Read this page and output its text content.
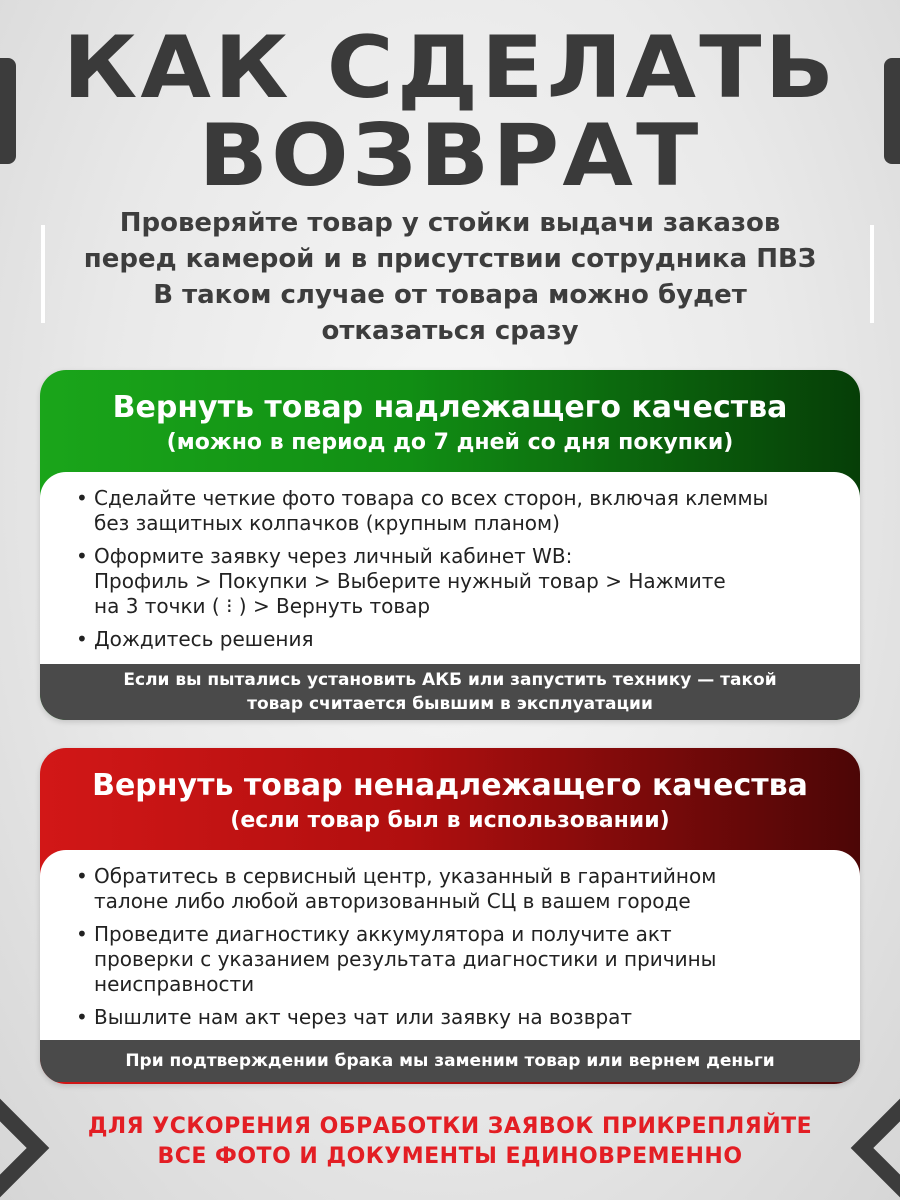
КАК СДЕЛАТЬ
ВОЗВРАТ
Проверяйте товар у стойки выдачи заказов
перед камерой и в присутствии сотрудника ПВЗ
В таком случае от товара можно будет
отказаться сразу
Вернуть товар надлежащего качества
(можно в период до 7 дней со дня покупки)
• Сделайте четкие фото товара со всех сторон, включая клеммы
без защитных колпачков (крупным планом)
• Оформите заявку через личный кабинет WB:
Профиль > Покупки > Выберите нужный товар > Нажмите
на 3 точки ( ⁝ ) > Вернуть товар
• Дождитесь решения
Если вы пытались установить АКБ или запустить технику — такой
товар считается бывшим в эксплуатации
Вернуть товар ненадлежащего качества
(если товар был в использовании)
• Обратитесь в сервисный центр, указанный в гарантийном
талоне либо любой авторизованный СЦ в вашем городе
• Проведите диагностику аккумулятора и получите акт
проверки с указанием результата диагностики и причины
неисправности
• Вышлите нам акт через чат или заявку на возврат
При подтверждении брака мы заменим товар или вернем деньги
ДЛЯ УСКОРЕНИЯ ОБРАБОТКИ ЗАЯВОК ПРИКРЕПЛЯЙТЕ
ВСЕ ФОТО И ДОКУМЕНТЫ ЕДИНОВРЕМЕННО
